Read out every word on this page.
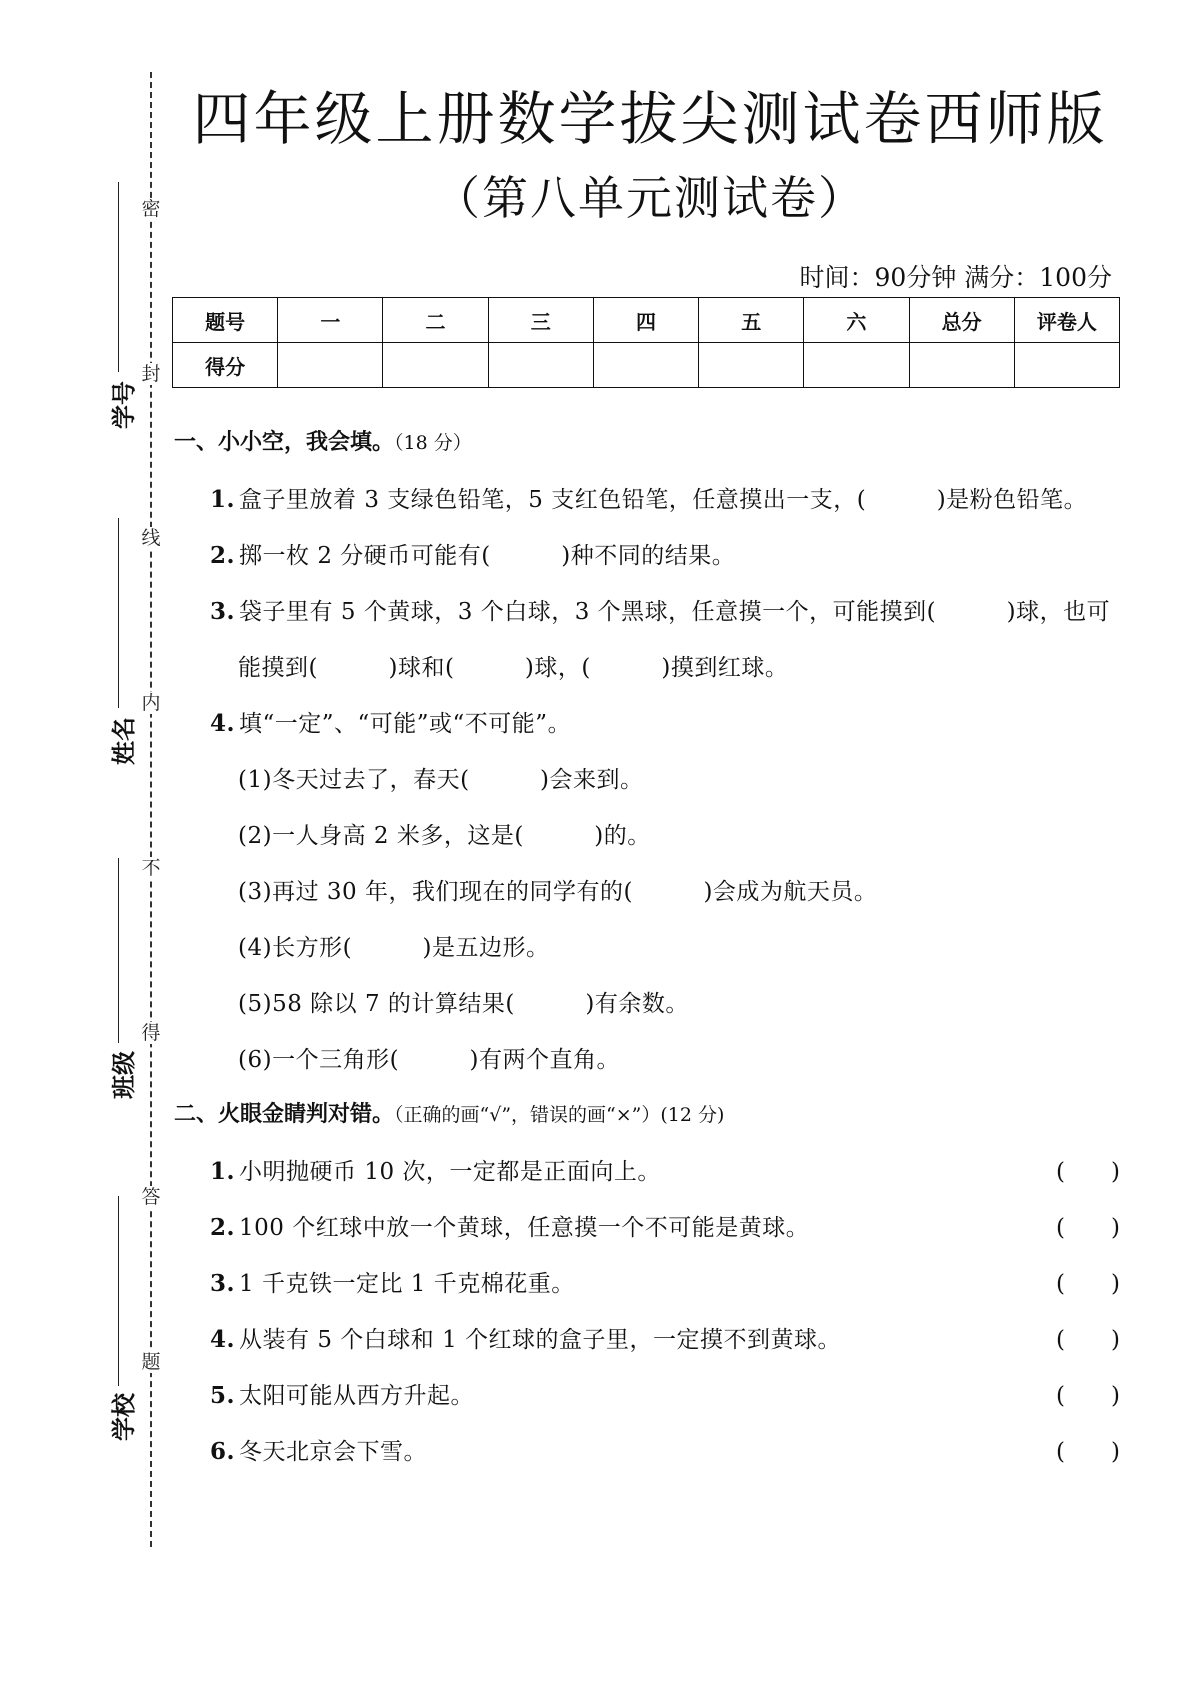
密
封
线
内
不
得
答
题
学号
姓名
班级
学校
四年级上册数学拔尖测试卷西师版
（第八单元测试卷）
时间：90分钟 满分：100分
题号	一	二	三	四	五	六	总分	评卷人
得分								
一、小小空，我会填。（18 分）
1. 盒子里放着 3 支绿色铅笔，5 支红色铅笔，任意摸出一支，(　　　)是粉色铅笔。
2. 掷一枚 2 分硬币可能有(　　　)种不同的结果。
3. 袋子里有 5 个黄球，3 个白球，3 个黑球，任意摸一个，可能摸到(　　　)球，也可
能摸到(　　　)球和(　　　)球，(　　　)摸到红球。
4. 填“一定”、“可能”或“不可能”。
(1)冬天过去了，春天(　　　)会来到。
(2)一人身高 2 米多，这是(　　　)的。
(3)再过 30 年，我们现在的同学有的(　　　)会成为航天员。
(4)长方形(　　　)是五边形。
(5)58 除以 7 的计算结果(　　　)有余数。
(6)一个三角形(　　　)有两个直角。
二、火眼金睛判对错。（正确的画“√”，错误的画“×”）(12 分)
1. 小明抛硬币 10 次，一定都是正面向上。	(　　)
2. 100 个红球中放一个黄球，任意摸一个不可能是黄球。	(　　)
3. 1 千克铁一定比 1 千克棉花重。	(　　)
4. 从装有 5 个白球和 1 个红球的盒子里，一定摸不到黄球。	(　　)
5. 太阳可能从西方升起。	(　　)
6. 冬天北京会下雪。	(　　)
